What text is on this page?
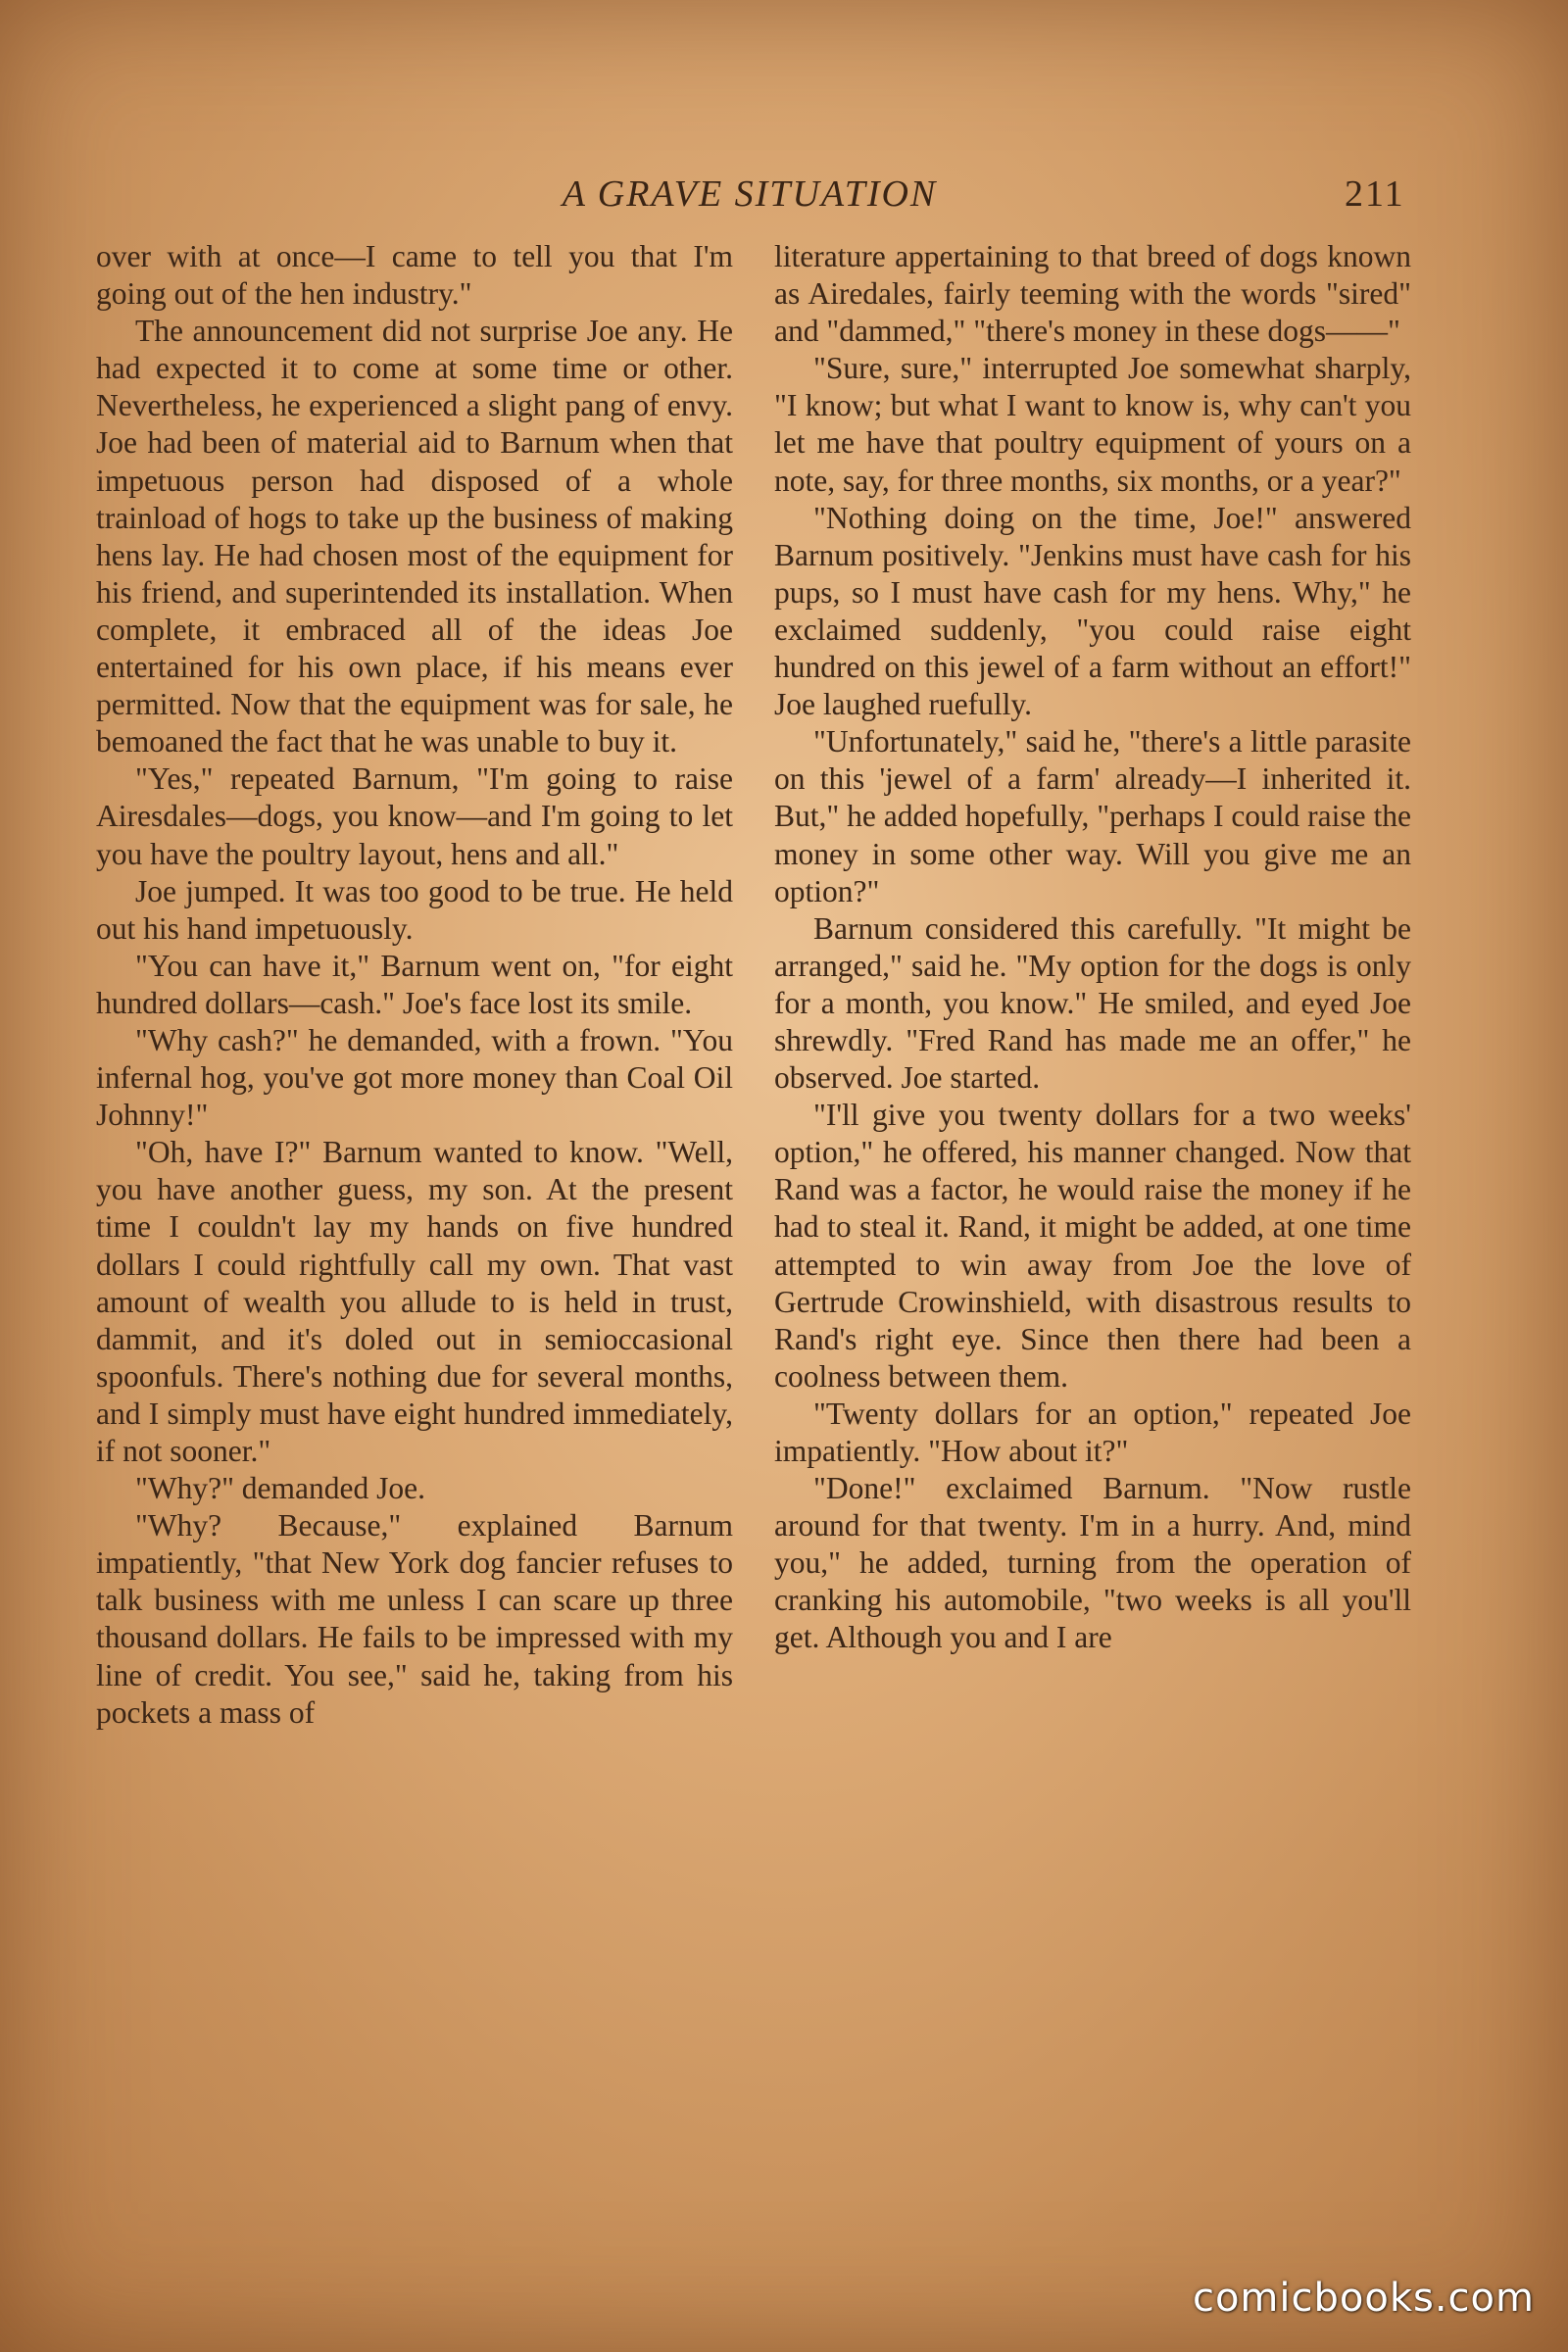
A GRAVE SITUATION	211

over with at once—I came to tell you that I'm going out of the hen industry."

The announcement did not surprise Joe any. He had expected it to come at some time or other. Nevertheless, he experienced a slight pang of envy. Joe had been of material aid to Barnum when that impetuous person had disposed of a whole trainload of hogs to take up the business of making hens lay. He had chosen most of the equipment for his friend, and superintended its installation. When complete, it embraced all of the ideas Joe entertained for his own place, if his means ever permitted. Now that the equipment was for sale, he bemoaned the fact that he was unable to buy it.

"Yes," repeated Barnum, "I'm going to raise Airesdales—dogs, you know—and I'm going to let you have the poultry layout, hens and all."

Joe jumped. It was too good to be true. He held out his hand impetuously.

"You can have it," Barnum went on, "for eight hundred dollars—cash." Joe's face lost its smile.

"Why cash?" he demanded, with a frown. "You infernal hog, you've got more money than Coal Oil Johnny!"

"Oh, have I?" Barnum wanted to know. "Well, you have another guess, my son. At the present time I couldn't lay my hands on five hundred dollars I could rightfully call my own. That vast amount of wealth you allude to is held in trust, dammit, and it's doled out in semioccasional spoonfuls. There's nothing due for several months, and I simply must have eight hundred immediately, if not sooner."

"Why?" demanded Joe.

"Why? Because," explained Barnum impatiently, "that New York dog fancier refuses to talk business with me unless I can scare up three thousand dollars. He fails to be impressed with my line of credit. You see," said he, taking from his pockets a mass of

literature appertaining to that breed of dogs known as Airedales, fairly teeming with the words "sired" and "dammed," "there's money in these dogs——"

"Sure, sure," interrupted Joe somewhat sharply, "I know; but what I want to know is, why can't you let me have that poultry equipment of yours on a note, say, for three months, six months, or a year?"

"Nothing doing on the time, Joe!" answered Barnum positively. "Jenkins must have cash for his pups, so I must have cash for my hens. Why," he exclaimed suddenly, "you could raise eight hundred on this jewel of a farm without an effort!" Joe laughed ruefully.

"Unfortunately," said he, "there's a little parasite on this 'jewel of a farm' already—I inherited it. But," he added hopefully, "perhaps I could raise the money in some other way. Will you give me an option?"

Barnum considered this carefully. "It might be arranged," said he. "My option for the dogs is only for a month, you know." He smiled, and eyed Joe shrewdly. "Fred Rand has made me an offer," he observed. Joe started.

"I'll give you twenty dollars for a two weeks' option," he offered, his manner changed. Now that Rand was a factor, he would raise the money if he had to steal it. Rand, it might be added, at one time attempted to win away from Joe the love of Gertrude Crowinshield, with disastrous results to Rand's right eye. Since then there had been a coolness between them.

"Twenty dollars for an option," repeated Joe impatiently. "How about it?"

"Done!" exclaimed Barnum. "Now rustle around for that twenty. I'm in a hurry. And, mind you," he added, turning from the operation of cranking his automobile, "two weeks is all you'll get. Although you and I are

comicbooks.com
